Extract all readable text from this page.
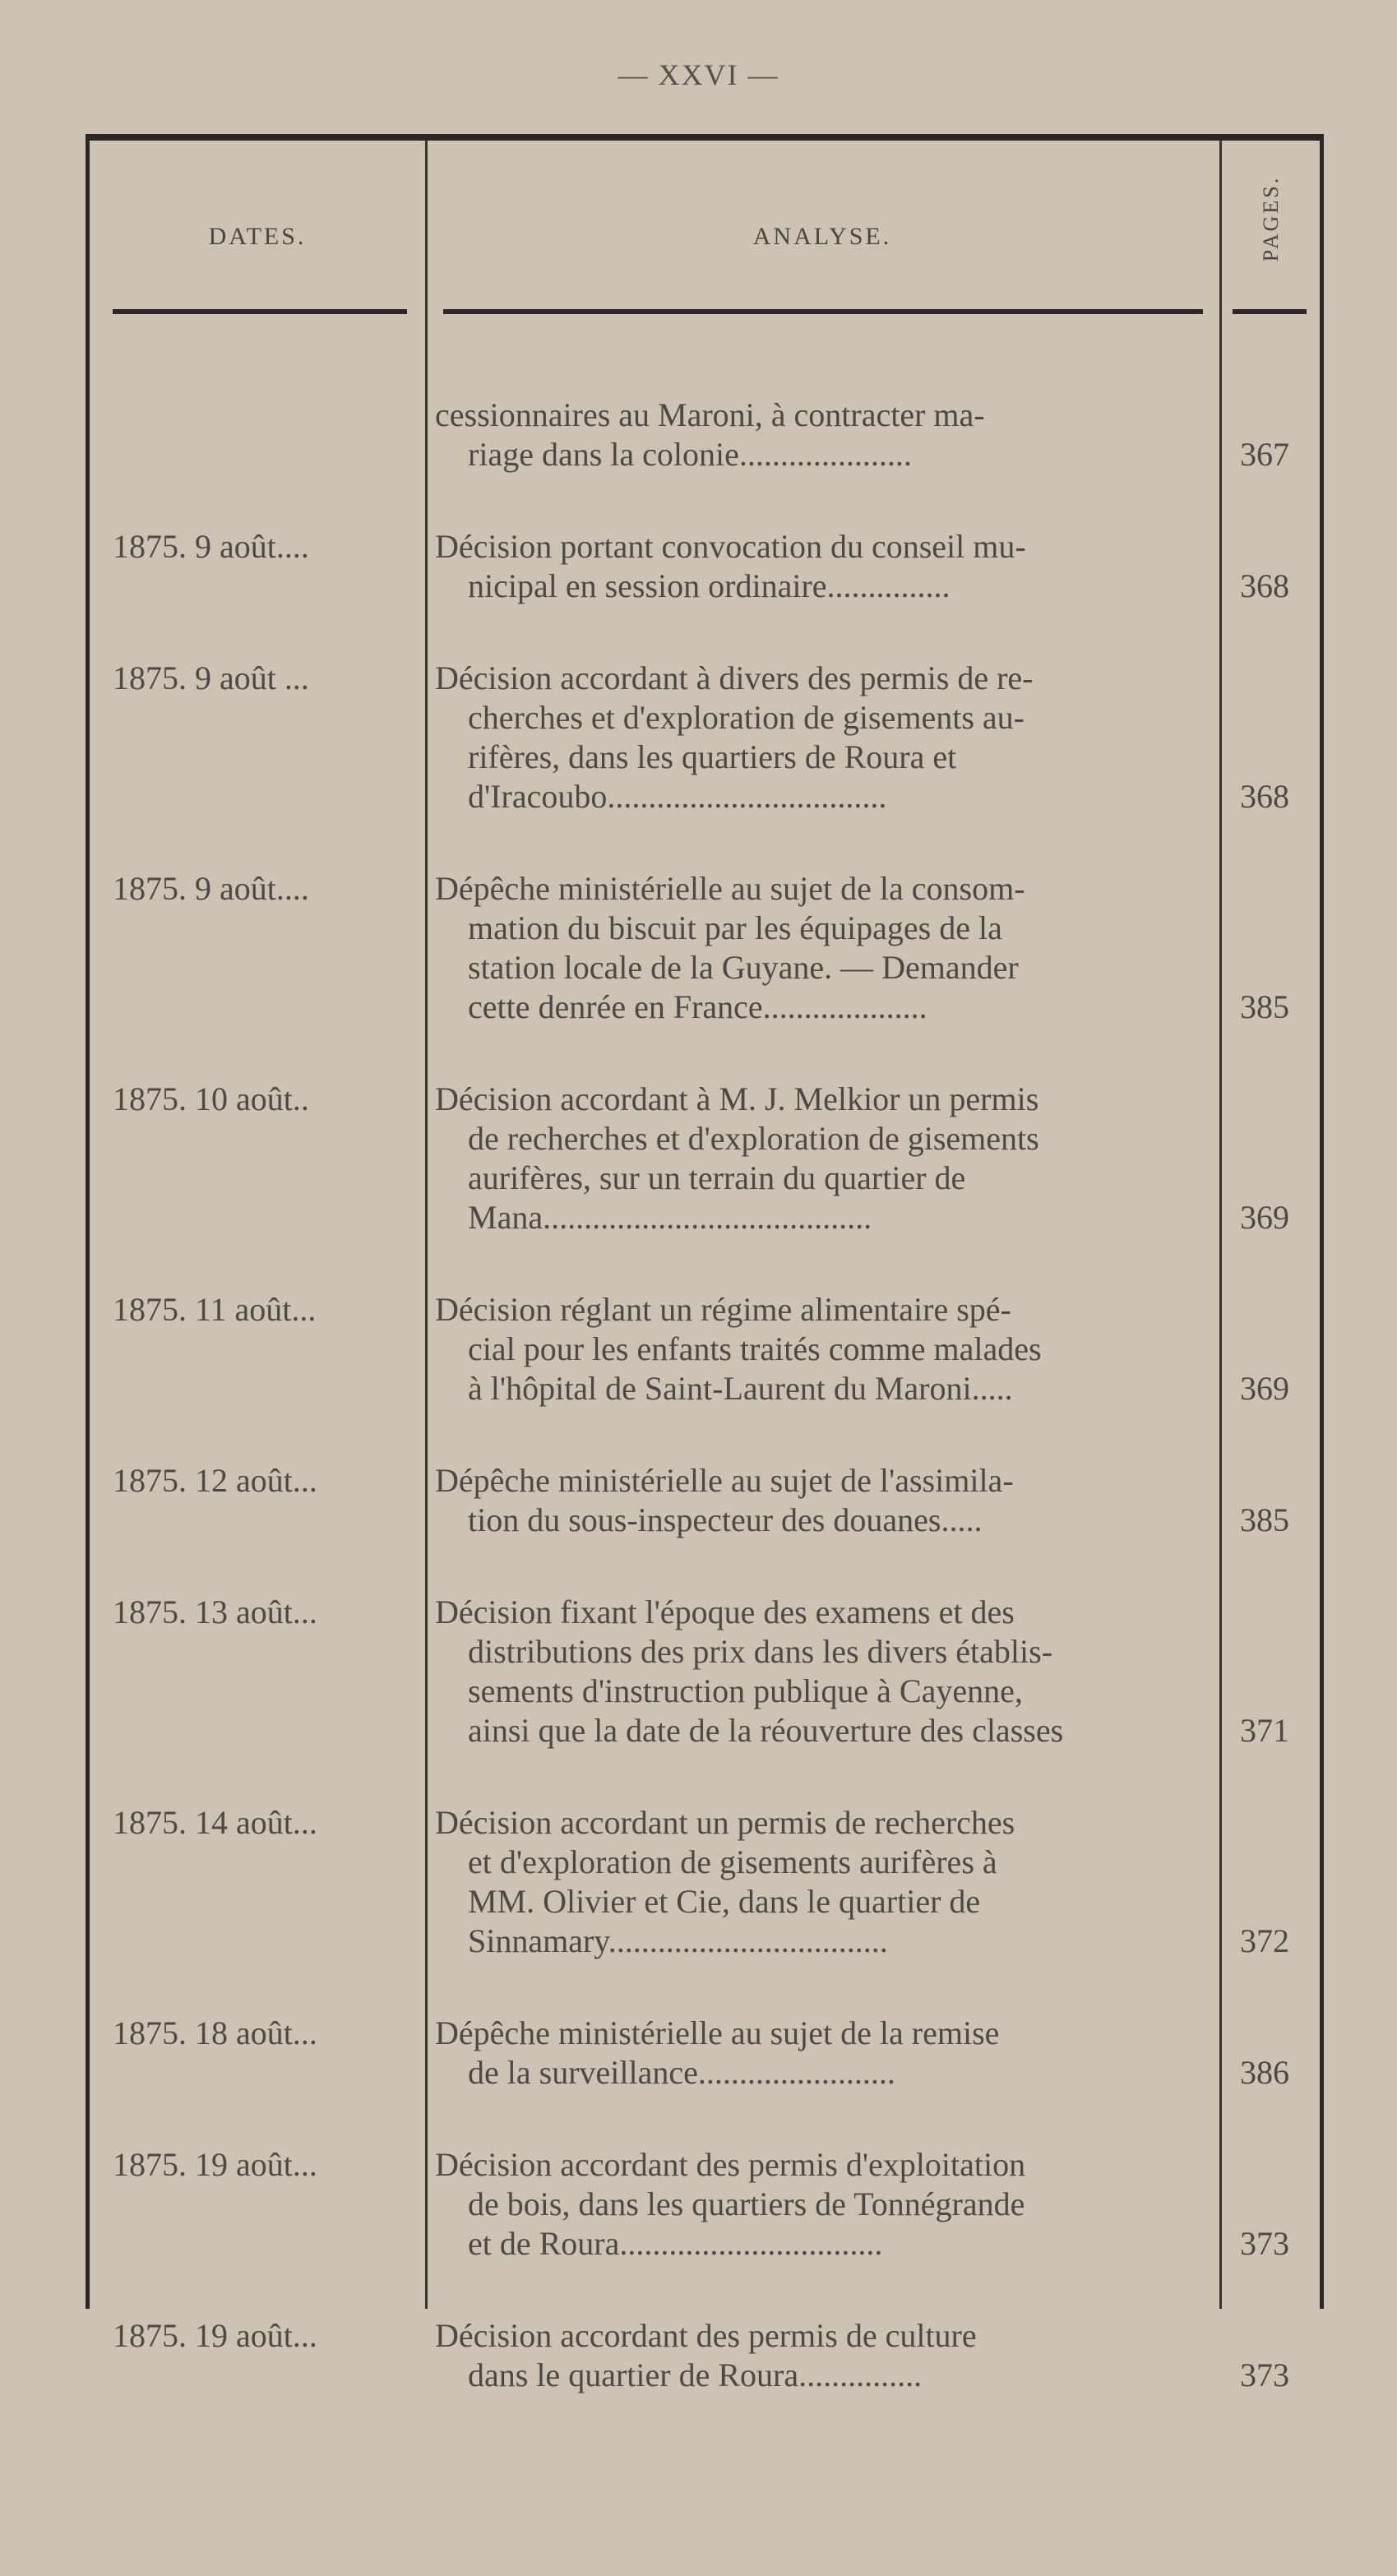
— XXVI —
DATES.	ANALYSE.	PAGES.
cessionnaires au Maroni, à contracter ma-
riage dans la colonie.....................	367
1875. 9 août....	Décision portant convocation du conseil mu-
nicipal en session ordinaire...............	368
1875. 9 août ...	Décision accordant à divers des permis de re-
cherches et d'exploration de gisements au-
rifères, dans les quartiers de Roura et
d'Iracoubo..................................	368
1875. 9 août....	Dépêche ministérielle au sujet de la consom-
mation du biscuit par les équipages de la
station locale de la Guyane. — Demander
cette denrée en France....................	385
1875. 10 août..	Décision accordant à M. J. Melkior un permis
de recherches et d'exploration de gisements
aurifères, sur un terrain du quartier de
Mana........................................	369
1875. 11 août...	Décision réglant un régime alimentaire spé-
cial pour les enfants traités comme malades
à l'hôpital de Saint-Laurent du Maroni.....	369
1875. 12 août...	Dépêche ministérielle au sujet de l'assimila-
tion du sous-inspecteur des douanes.....	385
1875. 13 août...	Décision fixant l'époque des examens et des
distributions des prix dans les divers établis-
sements d'instruction publique à Cayenne,
ainsi que la date de la réouverture des classes	371
1875. 14 août...	Décision accordant un permis de recherches
et d'exploration de gisements aurifères à
MM. Olivier et Cie, dans le quartier de
Sinnamary..................................	372
1875. 18 août...	Dépêche ministérielle au sujet de la remise
de la surveillance........................	386
1875. 19 août...	Décision accordant des permis d'exploitation
de bois, dans les quartiers de Tonnégrande
et de Roura................................	373
1875. 19 août...	Décision accordant des permis de culture
dans le quartier de Roura...............	373
